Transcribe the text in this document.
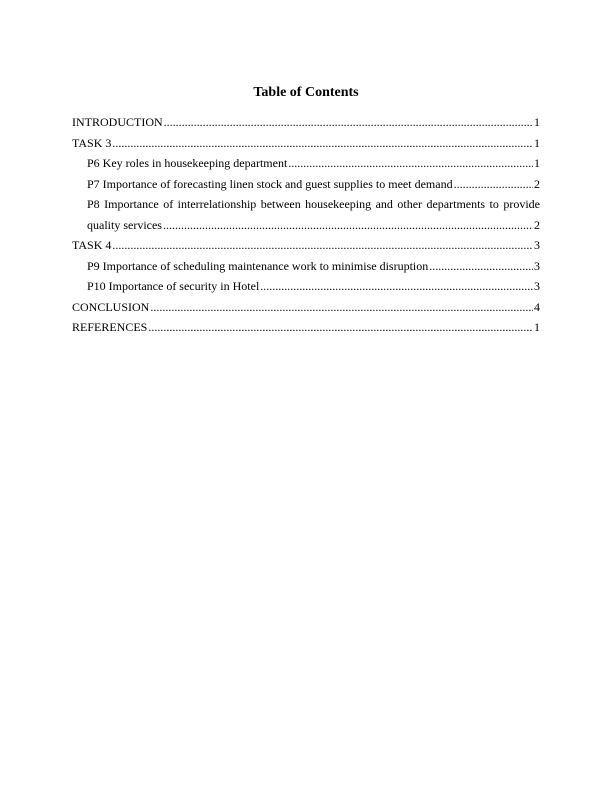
Table of Contents
INTRODUCTION .....	1
TASK 3 .....	1
P6 Key roles in housekeeping department .....	1
P7 Importance of forecasting linen stock and guest supplies to meet demand .....	2
P8 Importance of interrelationship between housekeeping and other departments to provide
quality services .....	2
TASK 4 .....	3
P9 Importance of scheduling maintenance work to minimise disruption .....	3
P10 Importance of security in Hotel .....	3
CONCLUSION .....	4
REFERENCES .....	1
